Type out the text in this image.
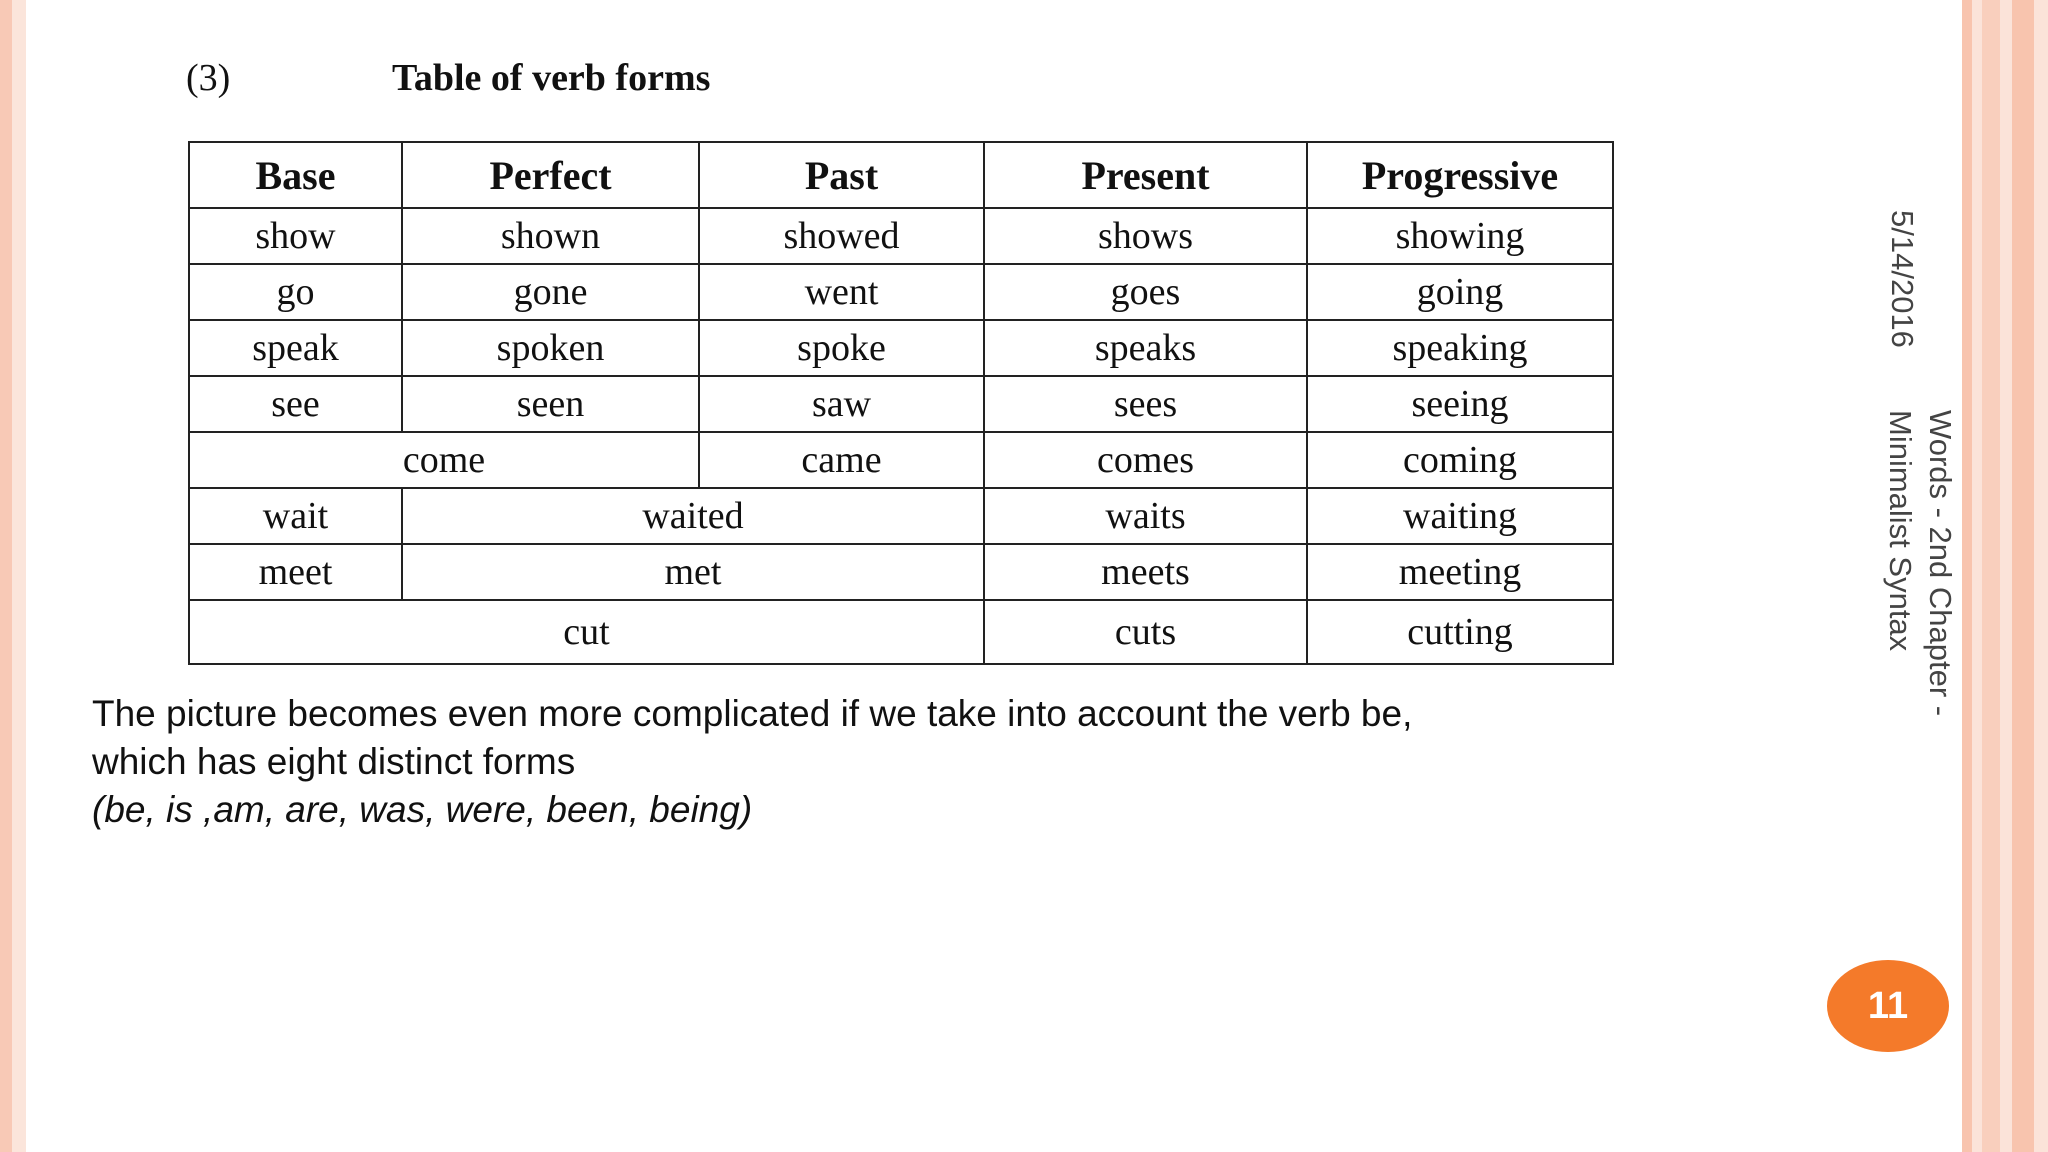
(3)	Table of verb forms
Base	Perfect	Past	Present	Progressive
show	shown	showed	shows	showing
go	gone	went	goes	going
speak	spoken	spoke	speaks	speaking
see	seen	saw	sees	seeing
come		came	comes	coming
wait	waited		waits	waiting
meet	met		meets	meeting
cut			cuts	cutting
The picture becomes even more complicated if we take into account the verb be,
which has eight distinct forms
(be, is ,am, are, was, were, been, being)
5/14/2016
Words - 2nd Chapter -
Minimalist Syntax
11
